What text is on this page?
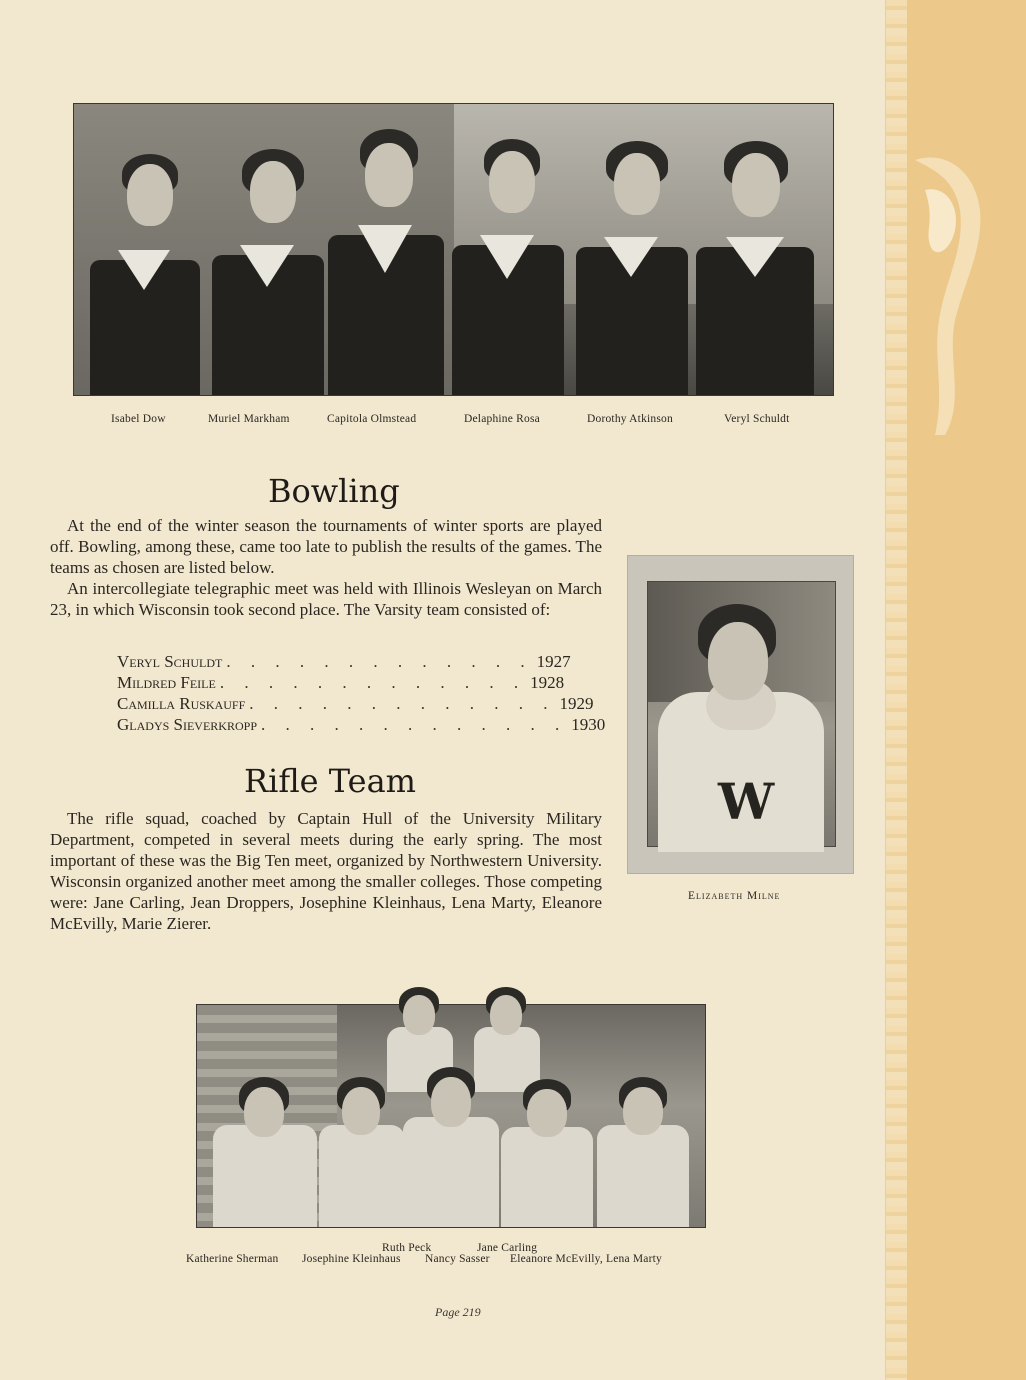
Isabel Dow	Muriel Markham	Capitola Olmstead	Delaphine Rosa	Dorothy Atkinson	Veryl Schuldt
Bowling

At the end of the winter season the tournaments of winter sports are played off. Bowling, among these, came too late to publish the results of the games. The teams as chosen are listed below.

An intercollegiate telegraphic meet was held with Illinois Wesleyan on March 23, in which Wisconsin took second place. The Varsity team consisted of:

Veryl Schuldt . . . . . . . . . . . . . 1927
Mildred Feile . . . . . . . . . . . . . 1928
Camilla Ruskauff . . . . . . . . . . . . . 1929
Gladys Sieverkropp . . . . . . . . . . . . . 1930
Rifle Team

The rifle squad, coached by Captain Hull of the University Military Department, competed in several meets during the early spring. The most important of these was the Big Ten meet, organized by Northwestern University. Wisconsin organized another meet among the smaller colleges. Those competing were: Jane Carling, Jean Droppers, Josephine Kleinhaus, Lena Marty, Eleanore McEvilly, Marie Zierer.

W
Elizabeth Milne
Ruth Peck	Jane Carling
Katherine Sherman Josephine Kleinhaus Nancy Sasser Eleanore McEvilly, Lena Marty
Page 219
